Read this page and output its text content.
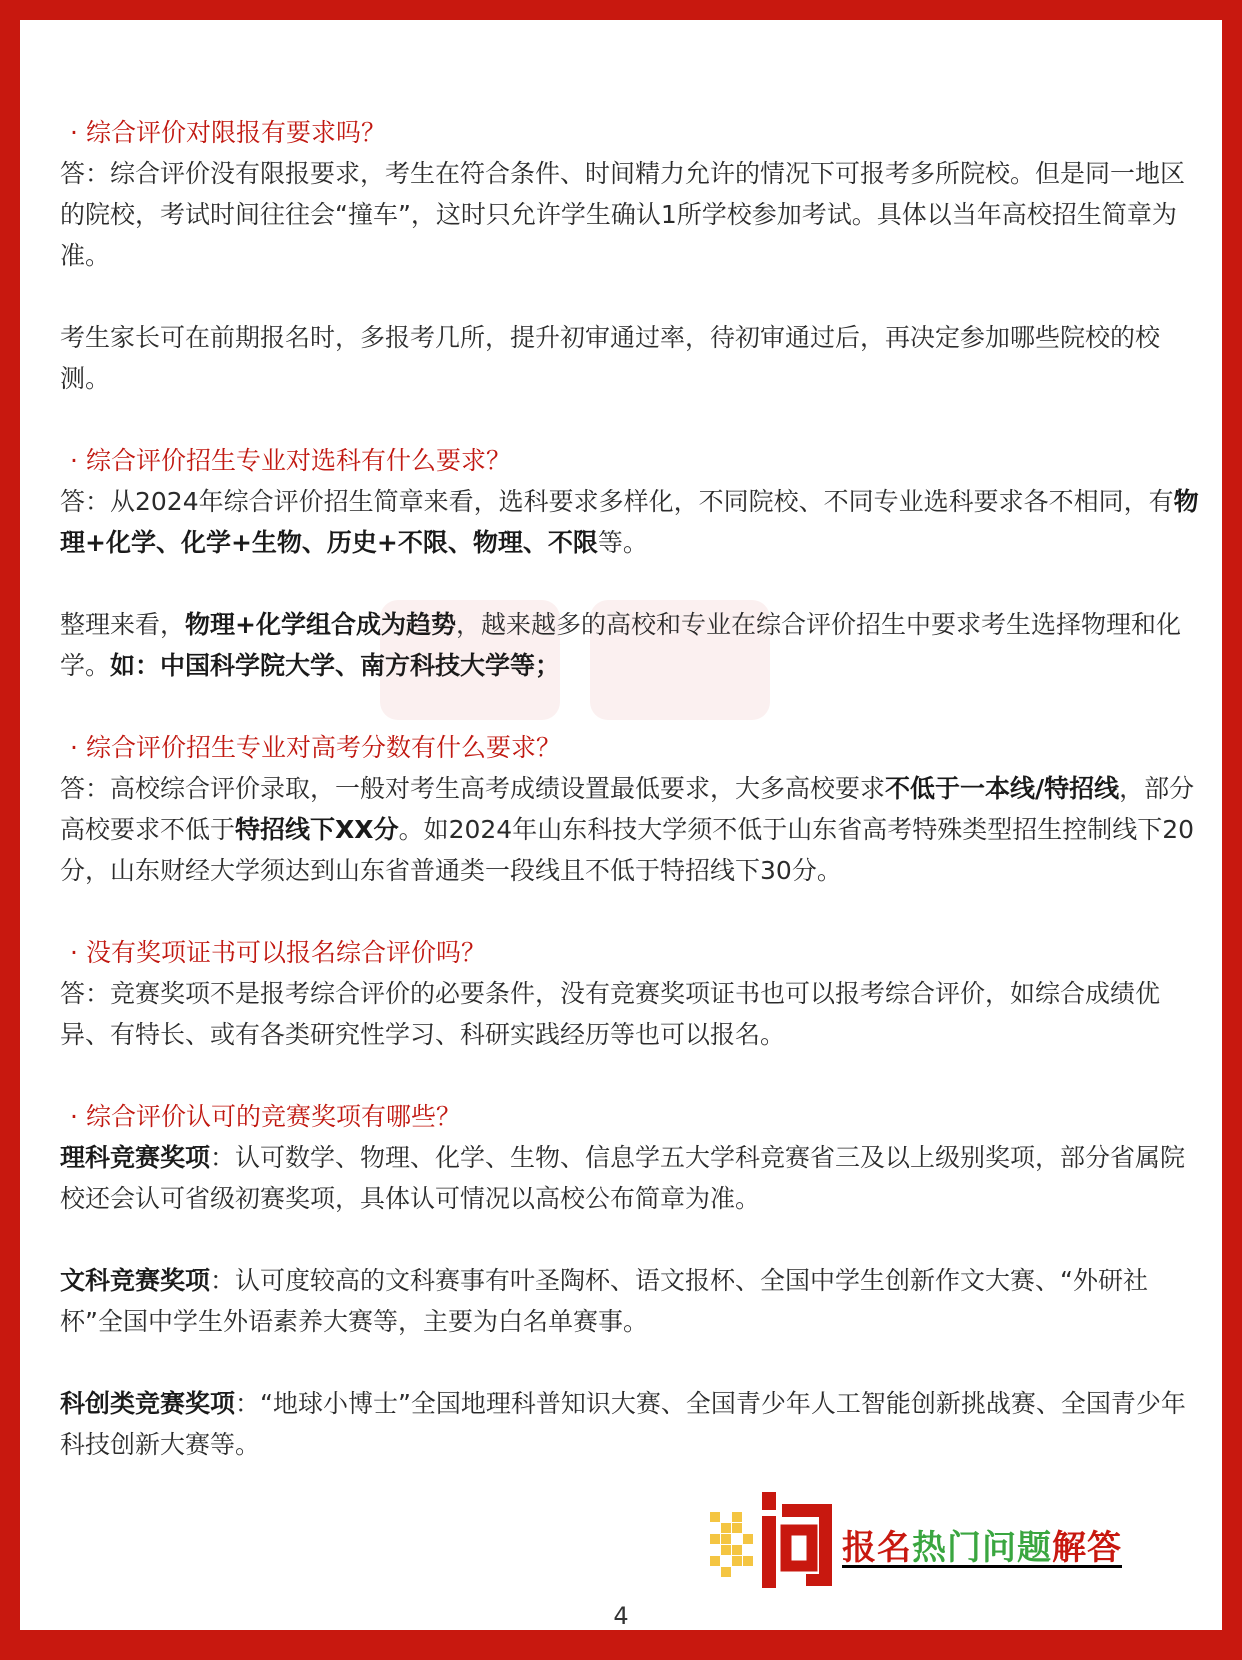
· 综合评价对限报有要求吗？

答：综合评价没有限报要求，考生在符合条件、时间精力允许的情况下可报考多所院校。但是同一地区的院校，考试时间往往会“撞车”，这时只允许学生确认1所学校参加考试。具体以当年高校招生简章为准。

考生家长可在前期报名时，多报考几所，提升初审通过率，待初审通过后，再决定参加哪些院校的校测。

· 综合评价招生专业对选科有什么要求？

答：从2024年综合评价招生简章来看，选科要求多样化，不同院校、不同专业选科要求各不相同，有物理+化学、化学+生物、历史+不限、物理、不限等。

整理来看，物理+化学组合成为趋势，越来越多的高校和专业在综合评价招生中要求考生选择物理和化学。如：中国科学院大学、南方科技大学等；

· 综合评价招生专业对高考分数有什么要求？

答：高校综合评价录取，一般对考生高考成绩设置最低要求，大多高校要求不低于一本线/特招线，部分高校要求不低于特招线下XX分。如2024年山东科技大学须不低于山东省高考特殊类型招生控制线下20分，山东财经大学须达到山东省普通类一段线且不低于特招线下30分。

· 没有奖项证书可以报名综合评价吗？

答：竞赛奖项不是报考综合评价的必要条件，没有竞赛奖项证书也可以报考综合评价，如综合成绩优异、有特长、或有各类研究性学习、科研实践经历等也可以报名。

· 综合评价认可的竞赛奖项有哪些？

理科竞赛奖项：认可数学、物理、化学、生物、信息学五大学科竞赛省三及以上级别奖项，部分省属院校还会认可省级初赛奖项，具体认可情况以高校公布简章为准。

文科竞赛奖项：认可度较高的文科赛事有叶圣陶杯、语文报杯、全国中学生创新作文大赛、“外研社杯”全国中学生外语素养大赛等，主要为白名单赛事。

科创类竞赛奖项：“地球小博士”全国地理科普知识大赛、全国青少年人工智能创新挑战赛、全国青少年科技创新大赛等。

报名热门问题解答
4
